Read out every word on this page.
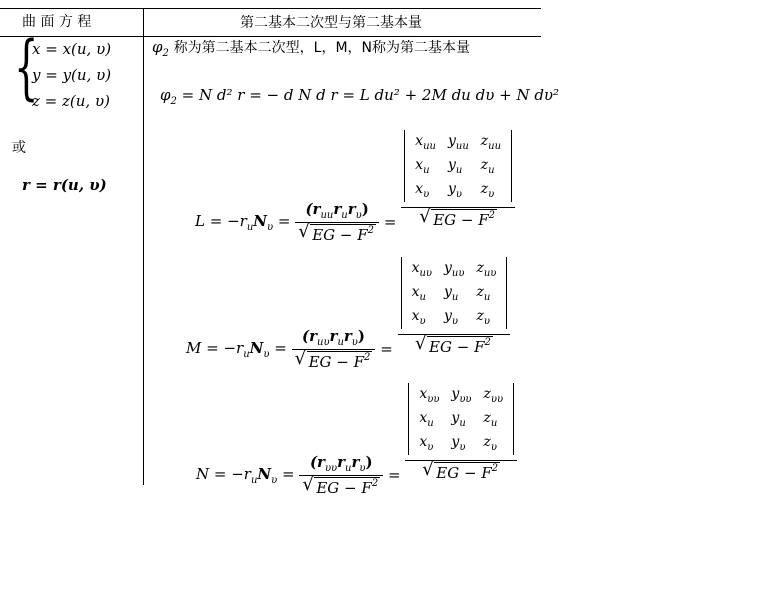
曲 面 方 程	第二基本二次型与第二基本量
{
x = x(u, υ)
y = y(u, υ)
z = z(u, υ)
或
r = r(u, υ)
$\varphi_2$ 称为第二基本二次型，L，M，N称为第二基本量
$\varphi_2 = N$ d² r = − d N d r = L du² + 2M du dυ + N dυ²
$L = -r_uN_\upsilon = \frac{(r_{uu}r_ur_\upsilon)}{√ EG - F^2} = x_{uu}$	$y_{uu}$	$z_{uu}$
$x_u$	$y_u$	$z_u$
$x_\upsilon$	$y_\upsilon$	$z_\upsilon$
√ EG − $F^2$
$M = -r_uN_\upsilon = \frac{(r_{u\upsilon}r_ur_\upsilon)}{√ EG - F^2} = x_{u\upsilon}$	$y_{u\upsilon}$	$z_{u\upsilon}$
$x_u$	$y_u$	$z_u$
$x_\upsilon$	$y_\upsilon$	$z_\upsilon$
√ EG − $F^2$
$N = -r_uN_\upsilon = \frac{(r_{\upsilon\upsilon}r_ur_\upsilon)}{√ EG - F^2} = x_{\upsilon\upsilon}$	$y_{\upsilon\upsilon}$	$z_{\upsilon\upsilon}$
$x_u$	$y_u$	$z_u$
$x_\upsilon$	$y_\upsilon$	$z_\upsilon$
√ EG − $F^2$
